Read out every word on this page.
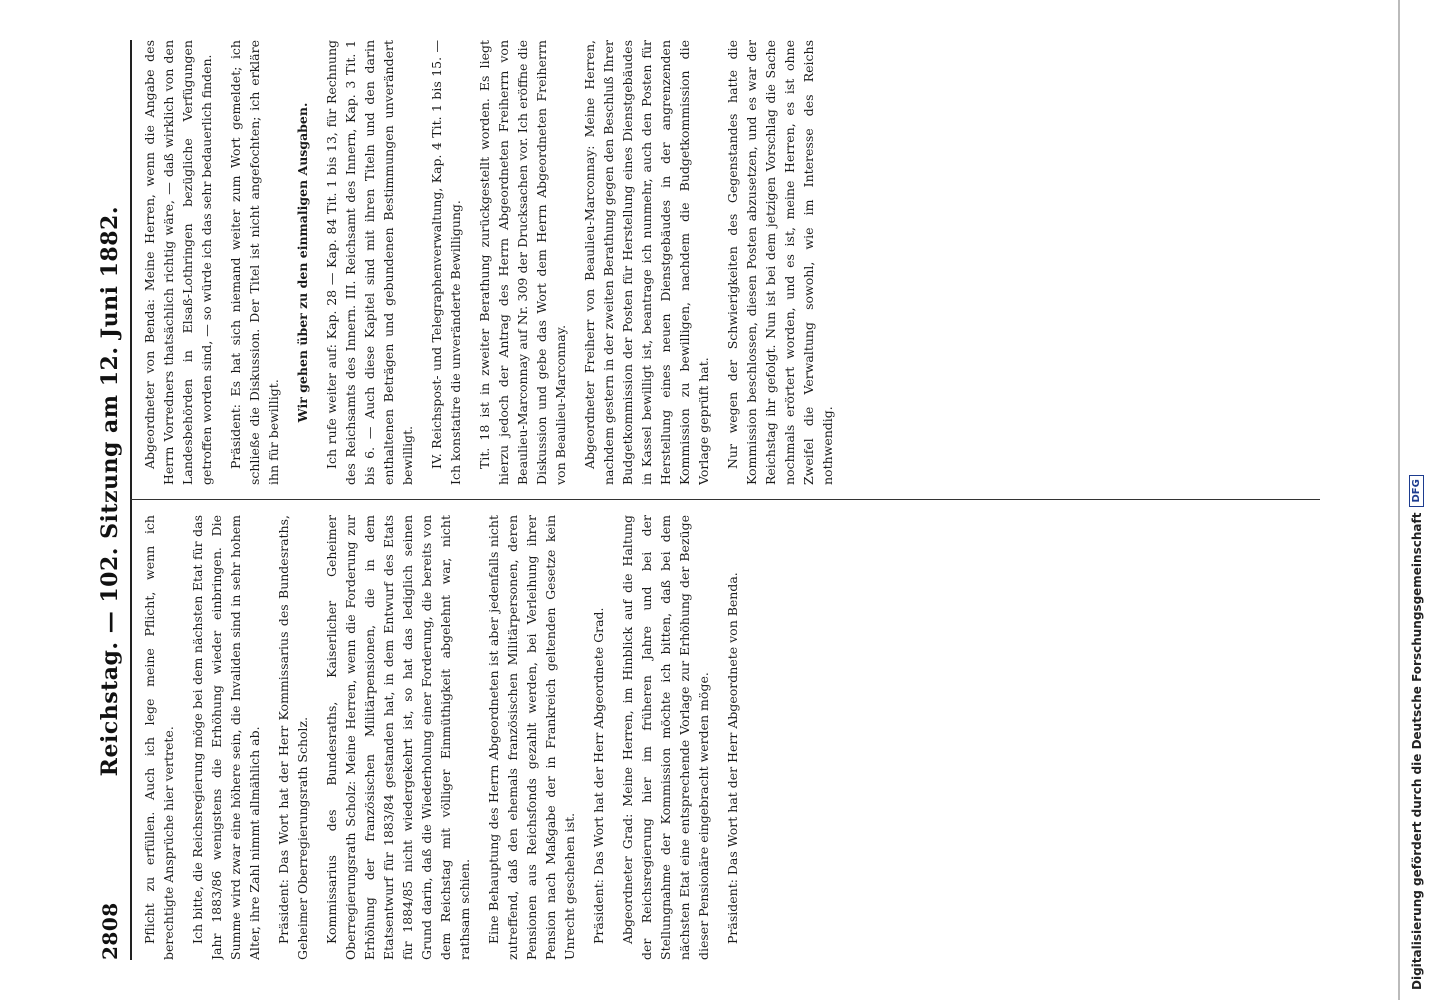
2808
Reichstag. — 102. Sitzung am 12. Juni 1882. Pflicht zu erfüllen. Auch ich lege meine Pflicht, wenn ich berechtigte Ansprüche hier vertrete. Ich bitte, die Reichsregierung möge bei dem nächsten Etat für das Jahr 1883/86 wenigstens die Erhöhung wieder einbringen. Die Summe wird zwar eine höhere sein, die Invaliden sind in sehr hohem Alter, ihre Zahl nimmt allmählich ab. Präsident: Das Wort hat der Herr Kommissarius des Bundesraths, Geheimer Oberregierungsrath Scholz. Kommissarius des Bundesraths, Kaiserlicher Geheimer Oberregierungsrath Scholz: Meine Herren, wenn die Forderung zur Erhöhung der französischen Militärpensionen, die in dem Etatsentwurf für 1883/84 gestanden hat, in dem Entwurf des Etats für 1884/85 nicht wiedergekehrt ist, so hat das lediglich seinen Grund darin, daß die Wiederholung einer Forderung, die bereits von dem Reichstag mit völliger Einmüthigkeit abgelehnt war, nicht rathsam schien. Eine Behauptung des Herrn Abgeordneten ist aber jedenfalls nicht zutreffend, daß den ehemals französischen Militärpersonen, deren Pensionen aus Reichsfonds gezahlt werden, bei Verleihung ihrer Pension nach Maßgabe der in Frankreich geltenden Gesetze kein Unrecht geschehen ist. Präsident: Das Wort hat der Herr Abgeordnete Grad. Abgeordneter Grad: Meine Herren, im Hinblick auf die Haltung der Reichsregierung hier im früheren Jahre und bei der Stellungnahme der Kommission möchte ich bitten, daß bei dem nächsten Etat eine entsprechende Vorlage zur Erhöhung der Bezüge dieser Pensionäre eingebracht werden möge. Präsident: Das Wort hat der Herr Abgeordnete von Benda.

Abgeordneter von Benda: Meine Herren, wenn die Angabe des Herrn Vorredners thatsächlich richtig wäre, — daß wirklich von den Landesbehörden in Elsaß-Lothringen bezügliche Verfügungen getroffen worden sind, — so würde ich das sehr bedauerlich finden. Präsident: Es hat sich niemand weiter zum Wort gemeldet; ich schließe die Diskussion. Der Titel ist nicht angefochten; ich erkläre ihn für bewilligt.

Wir gehen über zu den einmaligen Ausgaben. Ich rufe weiter auf: Kap. 28 — Kap. 84 Tit. 1 bis 13, für Rechnung des Reichsamts des Innern. III. Reichsamt des Innern, Kap. 3 Tit. 1 bis 6. — Auch diese Kapitel sind mit ihren Titeln und den darin enthaltenen Beträgen und gebundenen Bestimmungen unverändert bewilligt. IV. Reichspost- und Telegraphenverwaltung, Kap. 4 Tit. 1 bis 15. — Ich konstatire die unveränderte Bewilligung. Tit. 18 ist in zweiter Berathung zurückgestellt worden. Es liegt hierzu jedoch der Antrag des Herrn Abgeordneten Freiherrn von Beaulieu-Marconnay auf Nr. 309 der Drucksachen vor. Ich eröffne die Diskussion und gebe das Wort dem Herrn Abgeordneten Freiherrn von Beaulieu-Marconnay. Abgeordneter Freiherr von Beaulieu-Marconnay: Meine Herren, nachdem gestern in der zweiten Berathung gegen den Beschluß Ihrer Budgetkommission der Posten für Herstellung eines Dienstgebäudes in Kassel bewilligt ist, beantrage ich nunmehr, auch den Posten für Herstellung eines neuen Dienstgebäudes in der angrenzenden Kommission zu bewilligen, nachdem die Budgetkommission die Vorlage geprüft hat. Nur wegen der Schwierigkeiten des Gegenstandes hatte die Kommission beschlossen, diesen Posten abzusetzen, und es war der Reichstag ihr gefolgt. Nun ist bei dem jetzigen Vorschlag die Sache nochmals erörtert worden, und es ist, meine Herren, es ist ohne Zweifel die Verwaltung sowohl, wie im Interesse des Reichs nothwendig.

Digitalisierung gefördert durch die Deutsche Forschungsgemeinschaft
DFG
